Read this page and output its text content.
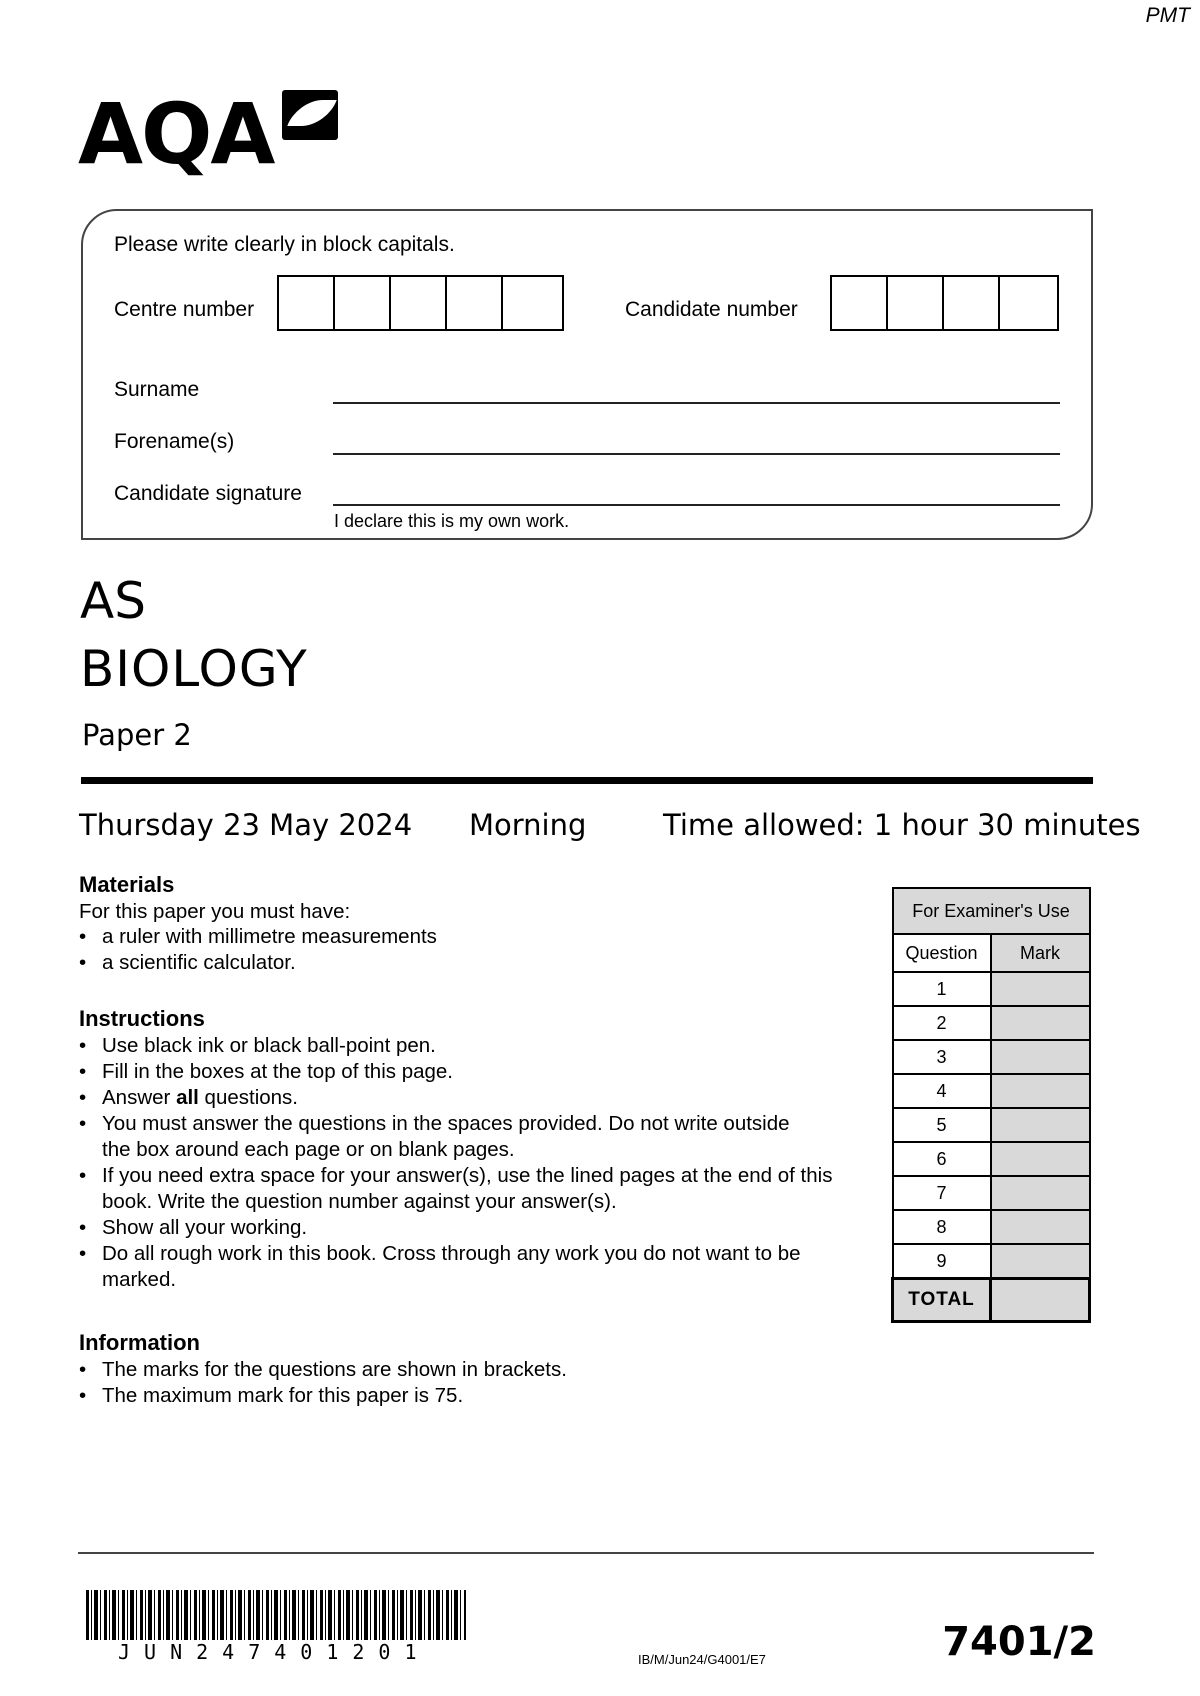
PMT
AQA
Please write clearly in block capitals.
Centre number	Candidate number
Surname
Forename(s)
Candidate signature
I declare this is my own work.
AS
BIOLOGY
Paper 2
Thursday 23 May 2024 Morning	Time allowed: 1 hour 30 minutes
Materials
For this paper you must have:
• a ruler with millimetre measurements
• a scientific calculator.
Instructions
• Use black ink or black ball-point pen.
• Fill in the boxes at the top of this page.
• Answer all questions.
• You must answer the questions in the spaces provided. Do not write outside the box around each page or on blank pages.
• If you need extra space for your answer(s), use the lined pages at the end of this book. Write the question number against your answer(s).
• Show all your working.
• Do all rough work in this book. Cross through any work you do not want to be marked.
Information
• The marks for the questions are shown in brackets.
• The maximum mark for this paper is 75.
For Examiner's Use	
Question	Mark
1	
2	
3	
4	
5	
6	
7	
8	
9	
TOTAL	
JUN247401201	IB/M/Jun24/G4001/E7	7401/2
